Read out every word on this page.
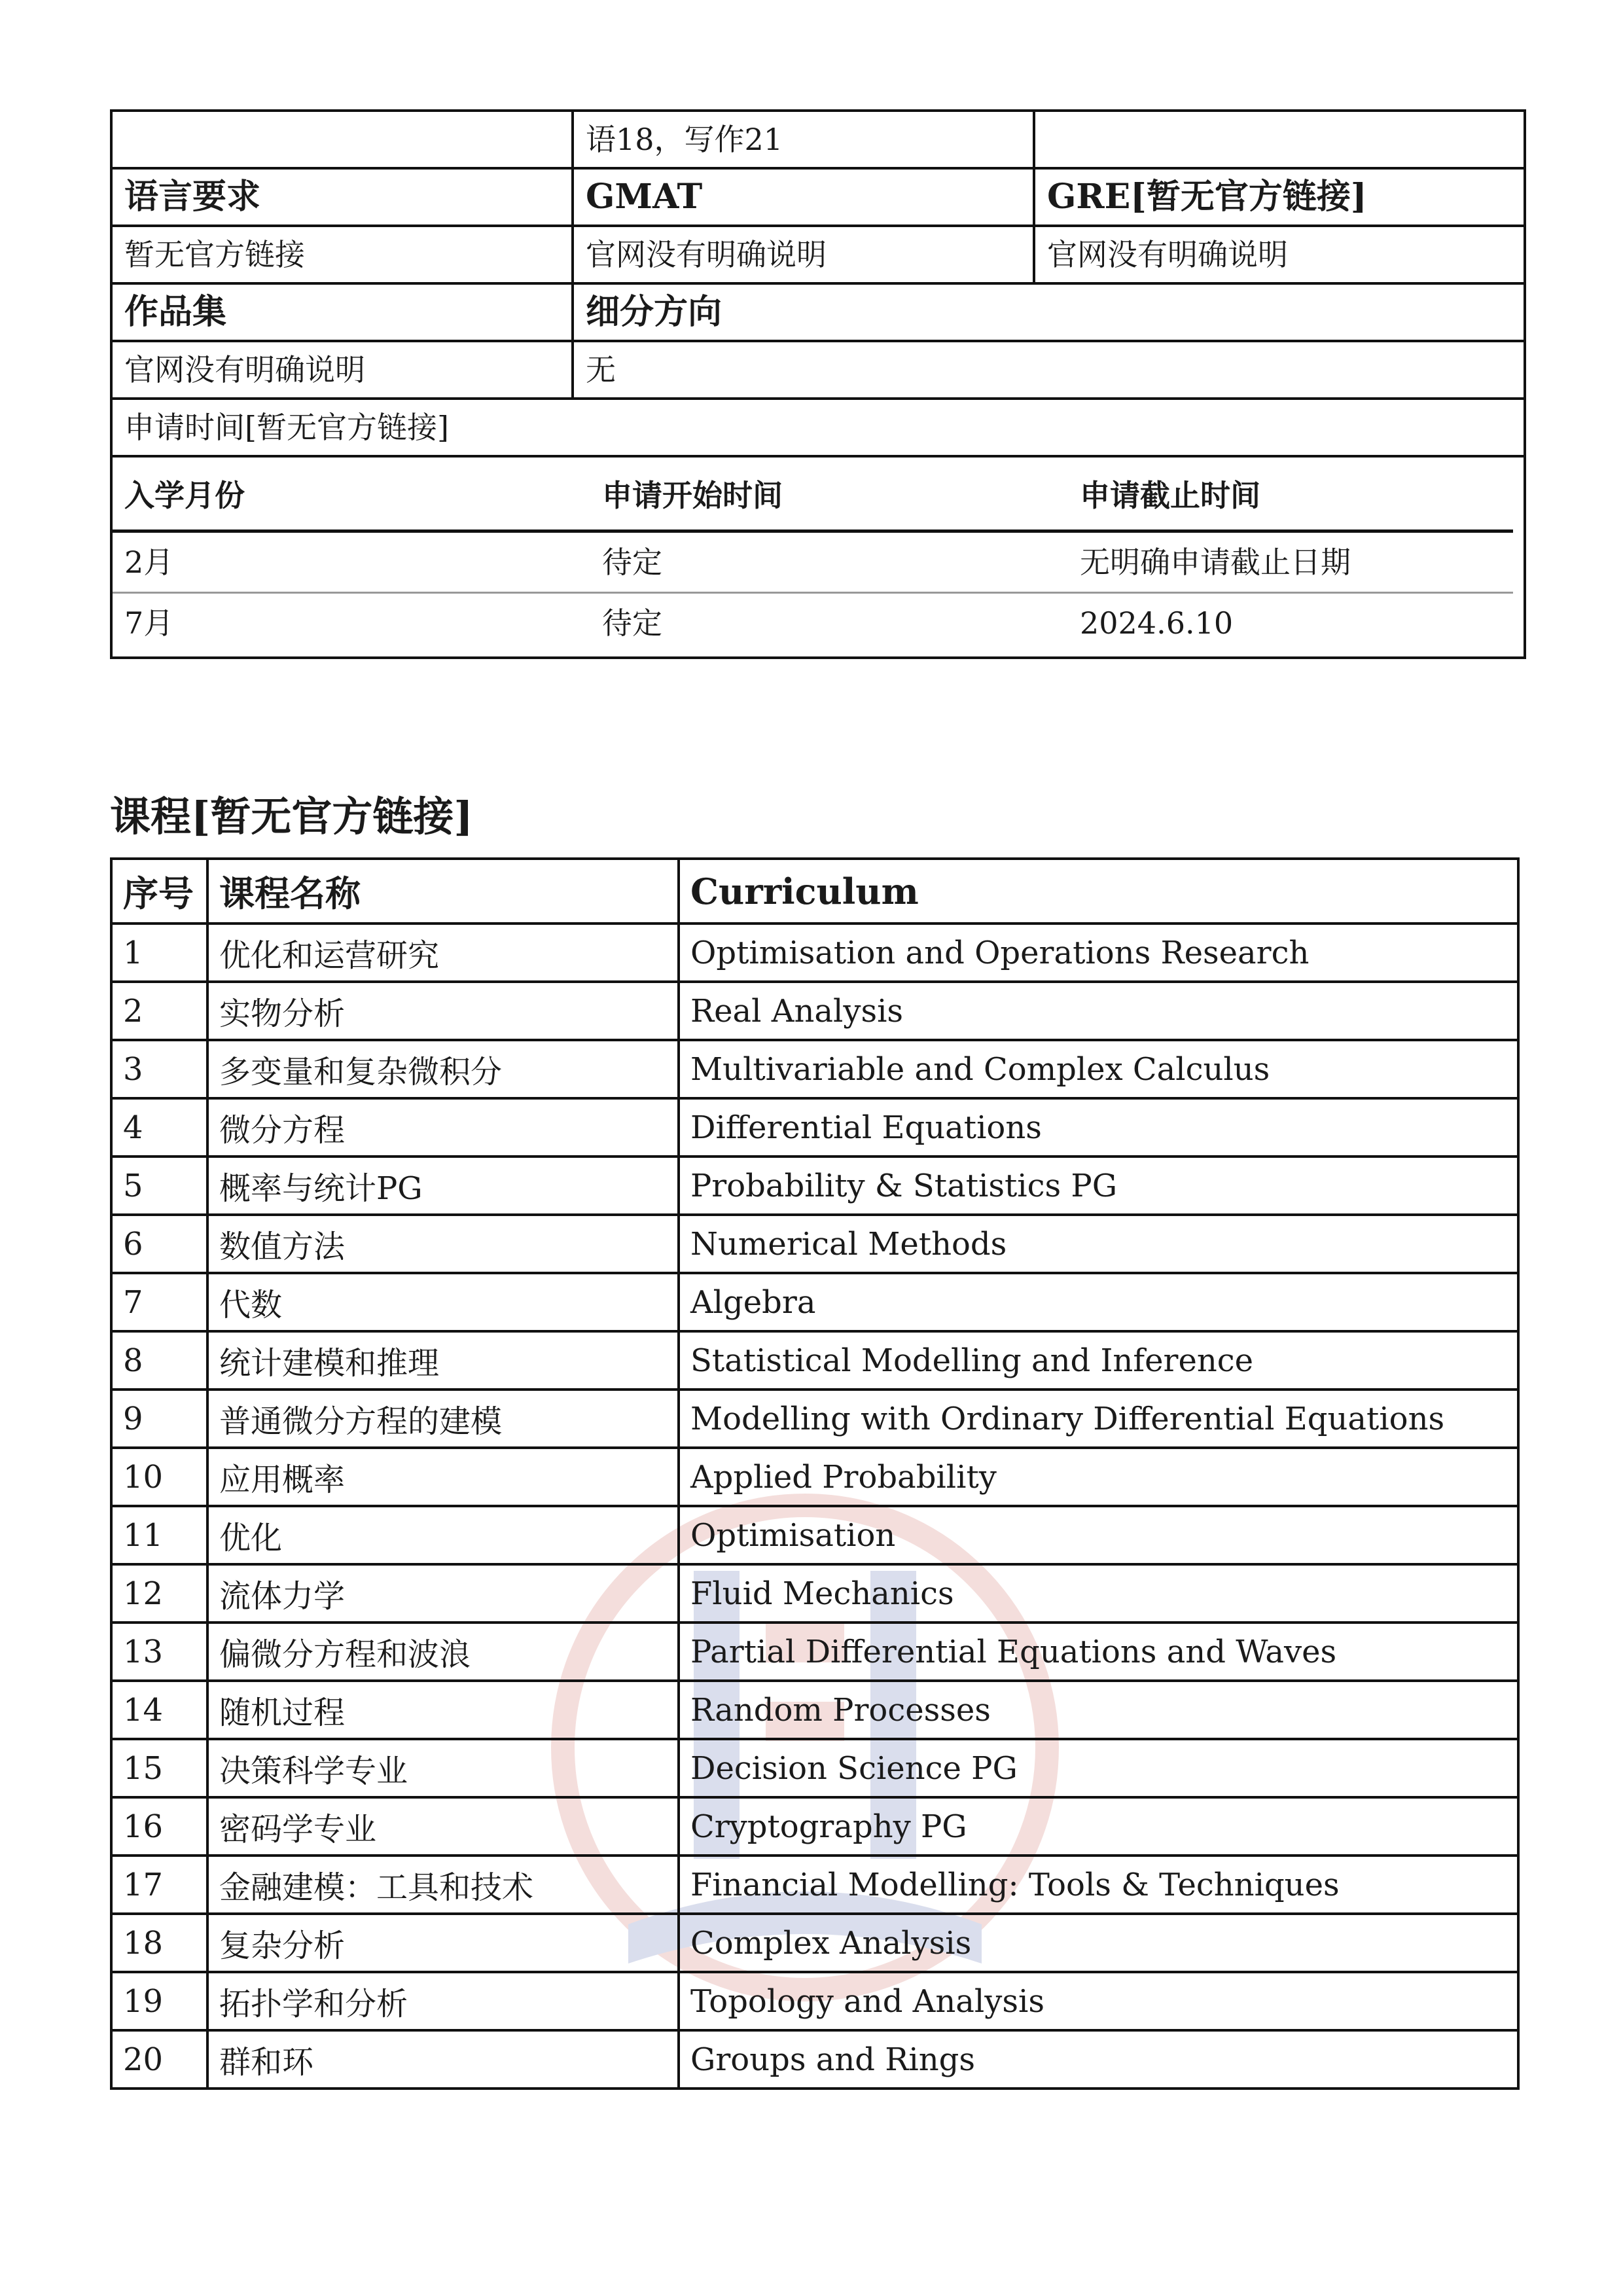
	语18，写作21	
语言要求	GMAT	GRE[暂无官方链接]
暂无官方链接	官网没有明确说明	官网没有明确说明
作品集	细分方向
官网没有明确说明	无
申请时间[暂无官方链接]

入学月份	申请开始时间	申请截止时间
2月	待定	无明确申请截止日期
7月	待定	2024.6.10
课程[暂无官方链接]
序号	课程名称	Curriculum
1	优化和运营研究	Optimisation and Operations Research
2	实物分析	Real Analysis
3	多变量和复杂微积分	Multivariable and Complex Calculus
4	微分方程	Differential Equations
5	概率与统计PG	Probability & Statistics PG
6	数值方法	Numerical Methods
7	代数	Algebra
8	统计建模和推理	Statistical Modelling and Inference
9	普通微分方程的建模	Modelling with Ordinary Differential Equations
10	应用概率	Applied Probability
11	优化	Optimisation
12	流体力学	Fluid Mechanics
13	偏微分方程和波浪	Partial Differential Equations and Waves
14	随机过程	Random Processes
15	决策科学专业	Decision Science PG
16	密码学专业	Cryptography PG
17	金融建模：工具和技术	Financial Modelling: Tools & Techniques
18	复杂分析	Complex Analysis
19	拓扑学和分析	Topology and Analysis
20	群和环	Groups and Rings
